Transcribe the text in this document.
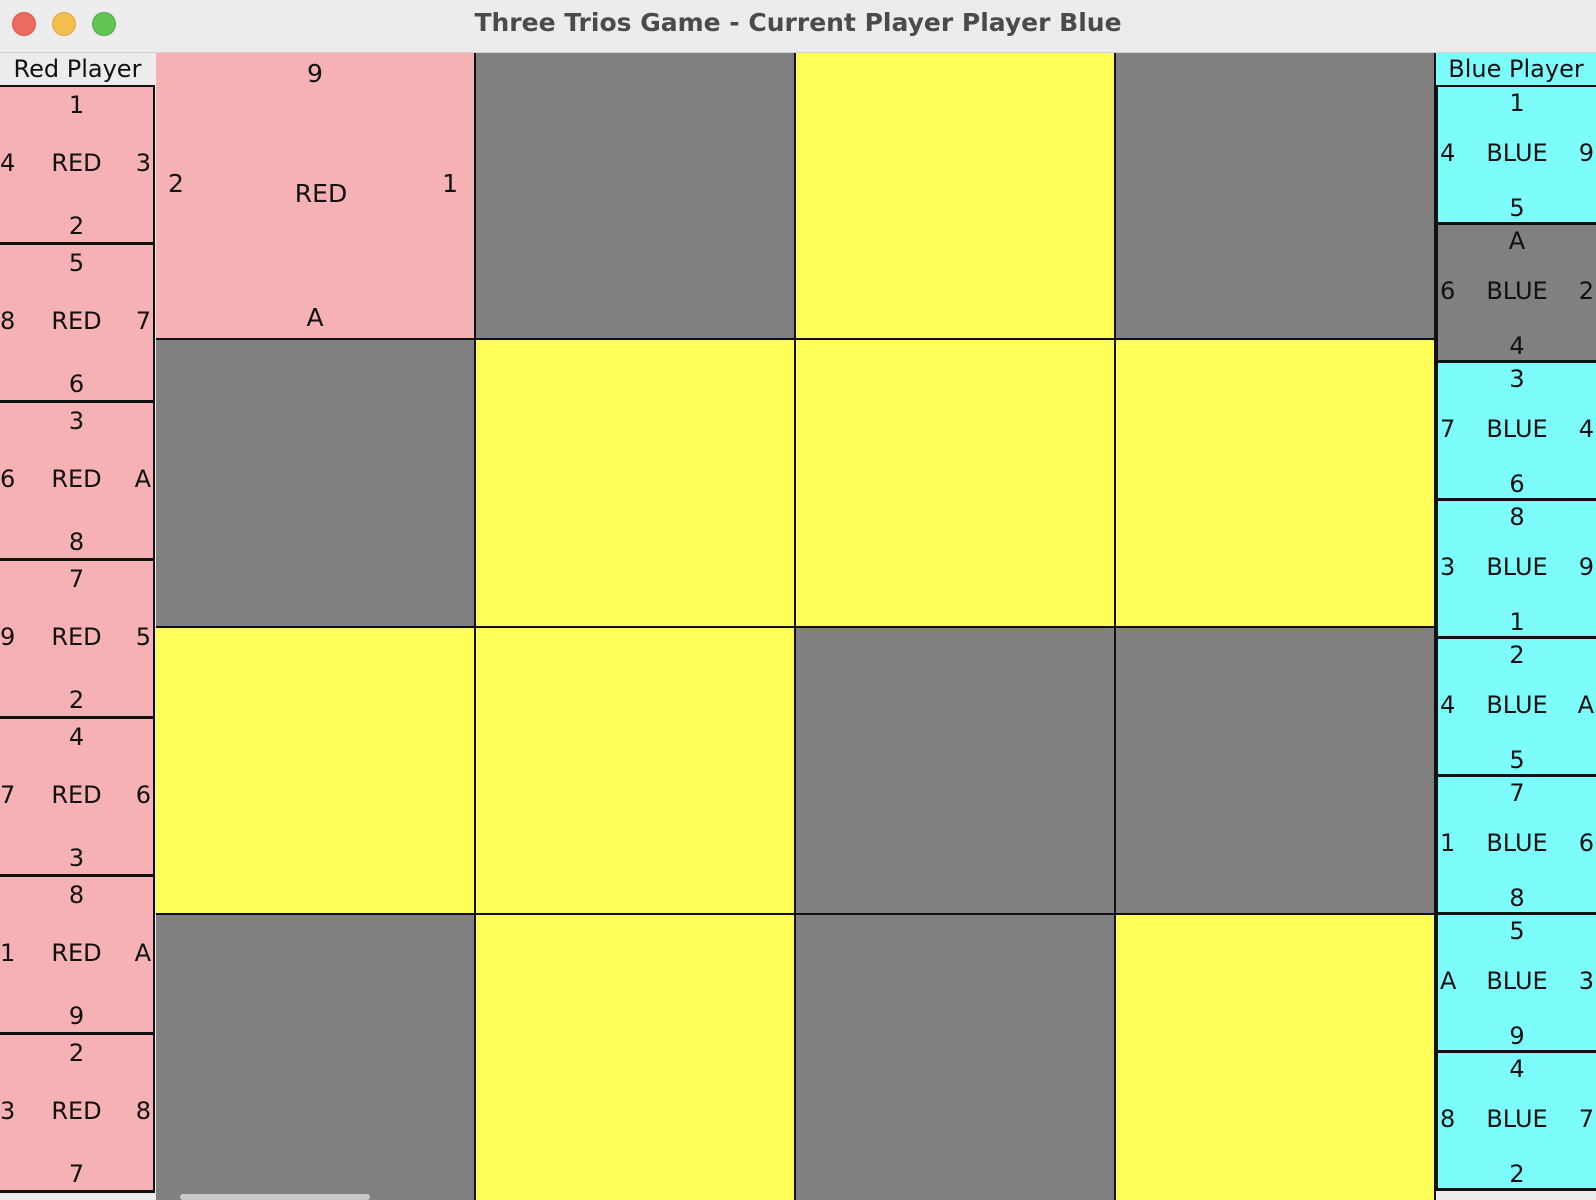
Three Trios Game - Current Player Player Blue
Red Player
1
4	RED	3
2
5
8	RED	7
6
3
6	RED	A
8
7
9	RED	5
2
4
7	RED	6
3
8
1	RED	A
9
2
3	RED	8
7
9
2	RED	1
A
Blue Player
1
4	BLUE	9
5
A
6	BLUE	2
4
3
7	BLUE	4
6
8
3	BLUE	9
1
2
4	BLUE	A
5
7
1	BLUE	6
8
5
A	BLUE	3
9
4
8	BLUE	7
2
